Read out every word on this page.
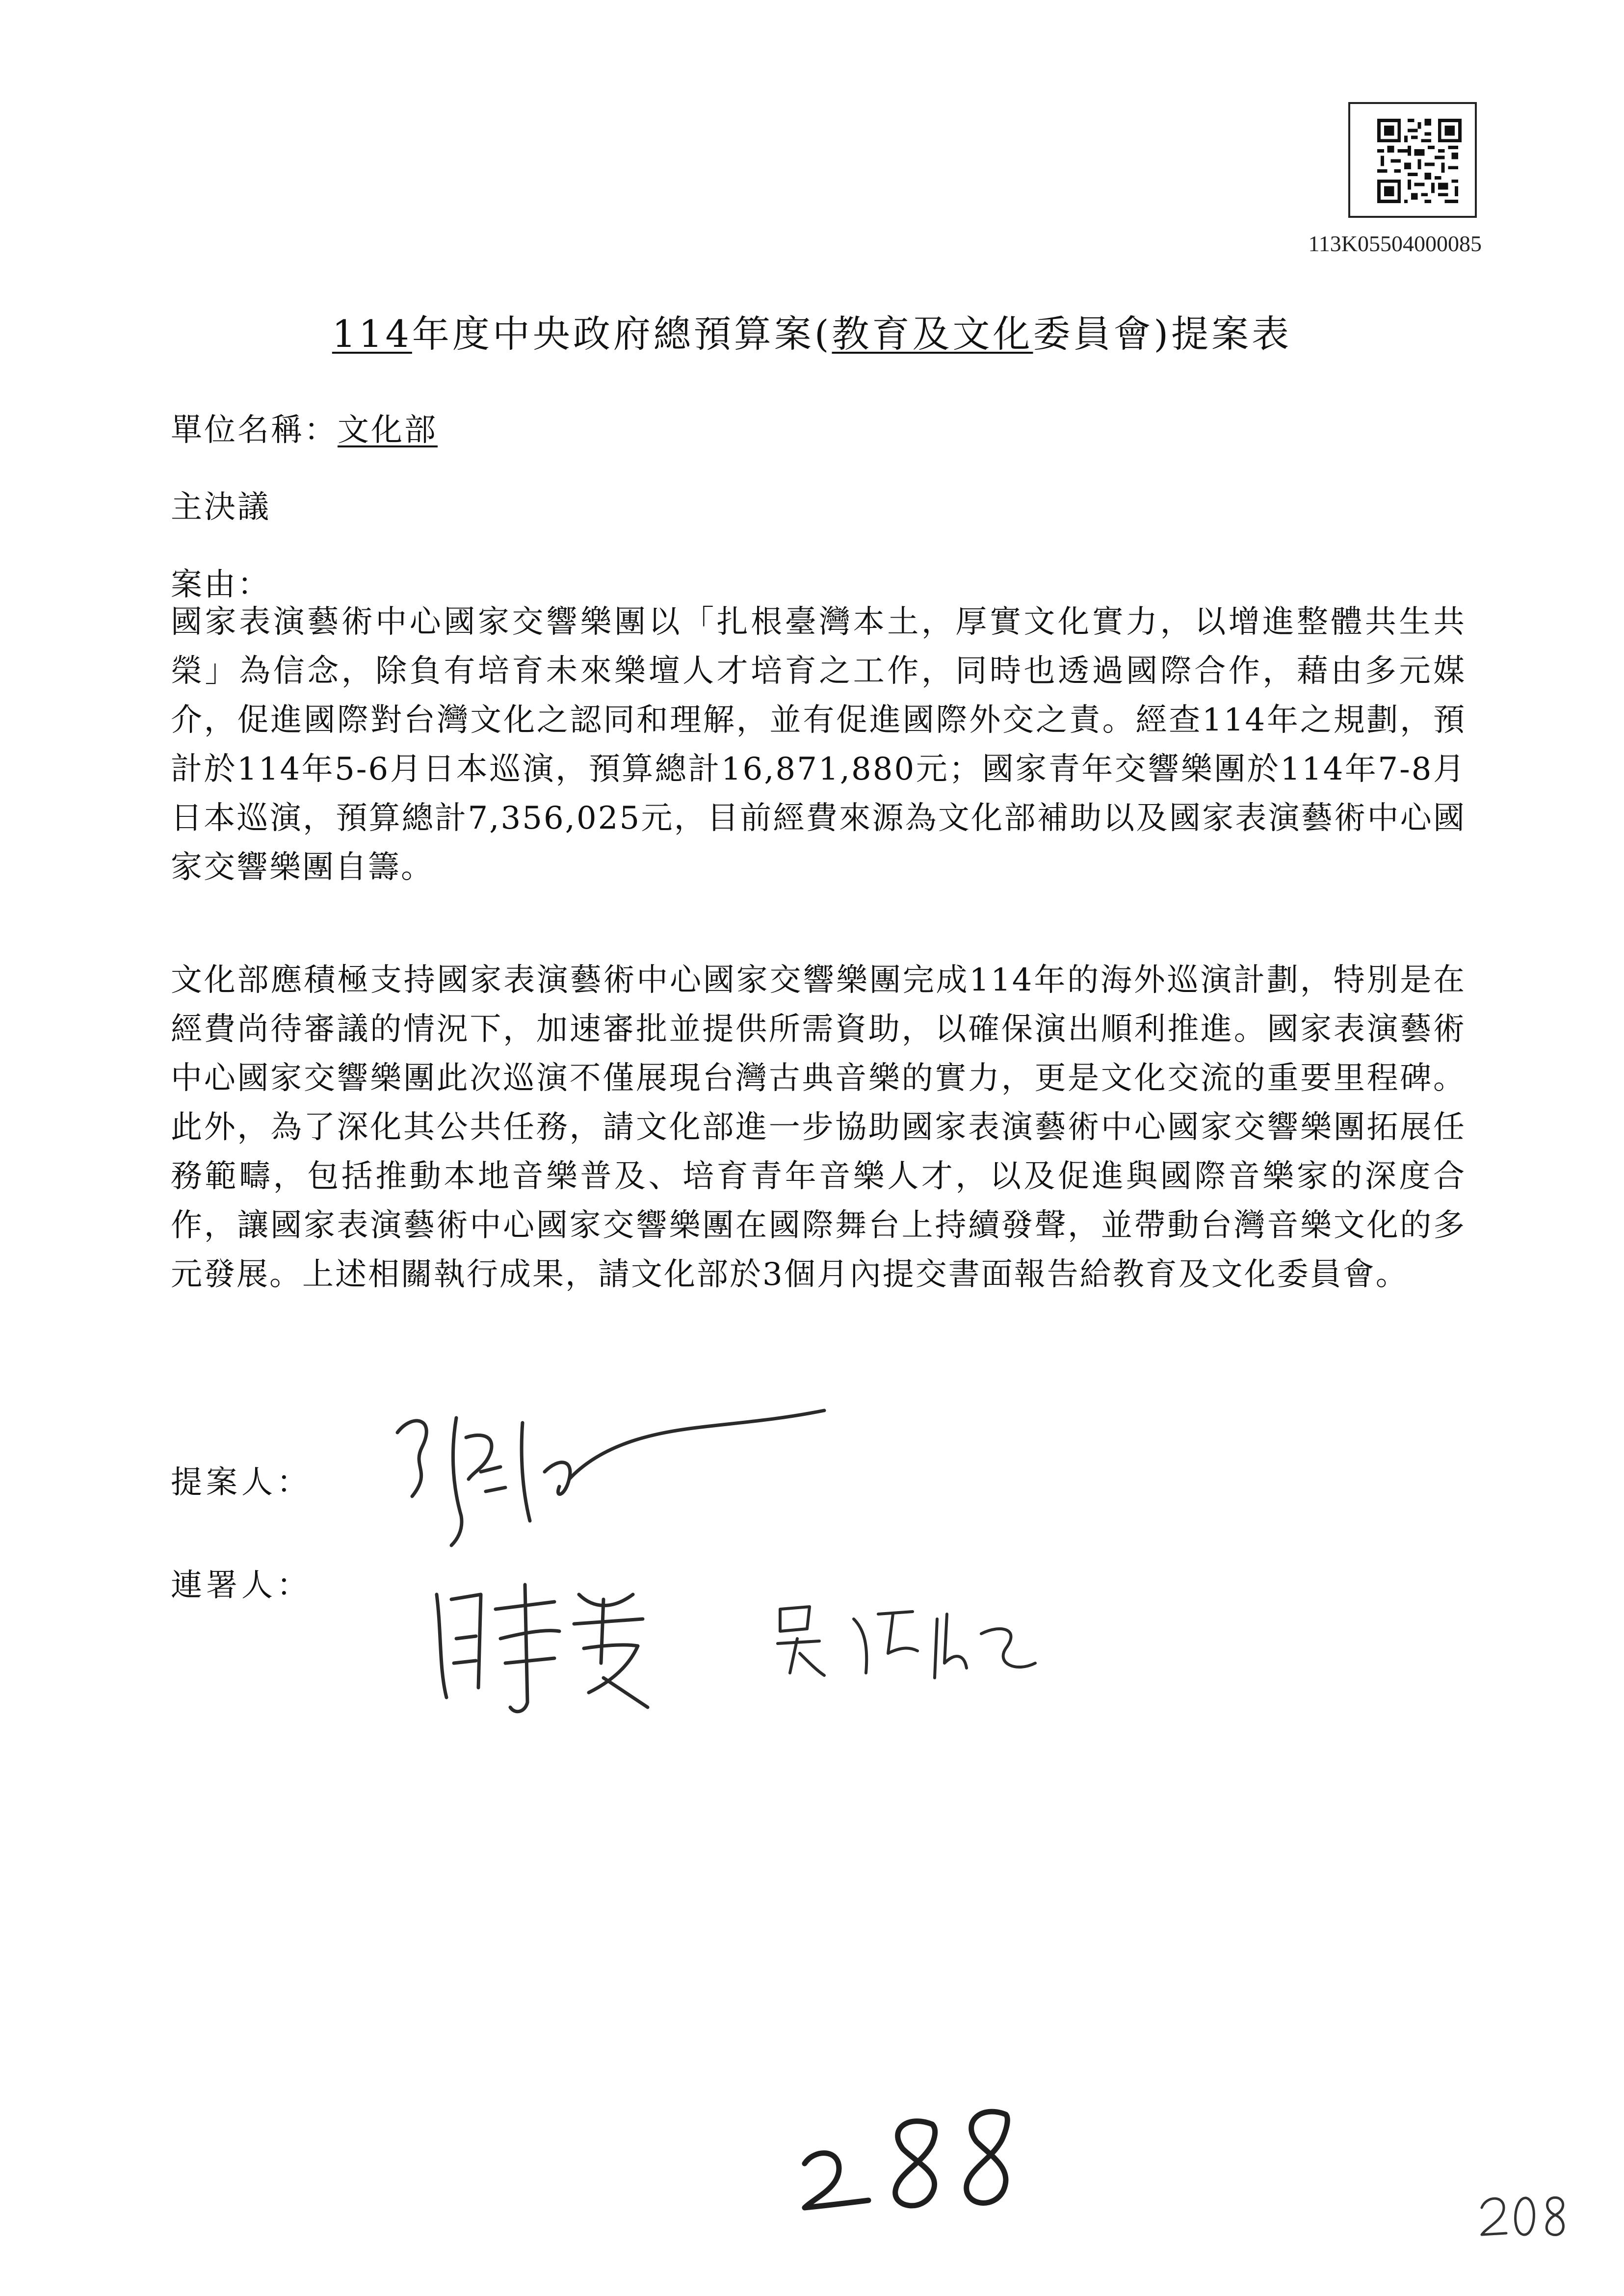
113K05504000085
114年度中央政府總預算案(教育及文化委員會)提案表
單位名稱：文化部
主決議
案由：
國家表演藝術中心國家交響樂團以「扎根臺灣本土，厚實文化實力，以增進整體共生共榮」為信念，除負有培育未來樂壇人才培育之工作，同時也透過國際合作，藉由多元媒介，促進國際對台灣文化之認同和理解，並有促進國際外交之責。經查114年之規劃，預計於114年5-6月日本巡演，預算總計16,871,880元；國家青年交響樂團於114年7-8月日本巡演，預算總計7,356,025元，目前經費來源為文化部補助以及國家表演藝術中心國家交響樂團自籌。
文化部應積極支持國家表演藝術中心國家交響樂團完成114年的海外巡演計劃，特別是在經費尚待審議的情況下，加速審批並提供所需資助，以確保演出順利推進。國家表演藝術中心國家交響樂團此次巡演不僅展現台灣古典音樂的實力，更是文化交流的重要里程碑。此外，為了深化其公共任務，請文化部進一步協助國家表演藝術中心國家交響樂團拓展任務範疇，包括推動本地音樂普及、培育青年音樂人才，以及促進與國際音樂家的深度合作，讓國家表演藝術中心國家交響樂團在國際舞台上持續發聲，並帶動台灣音樂文化的多元發展。上述相關執行成果，請文化部於3個月內提交書面報告給教育及文化委員會。
提案人：
連署人：
